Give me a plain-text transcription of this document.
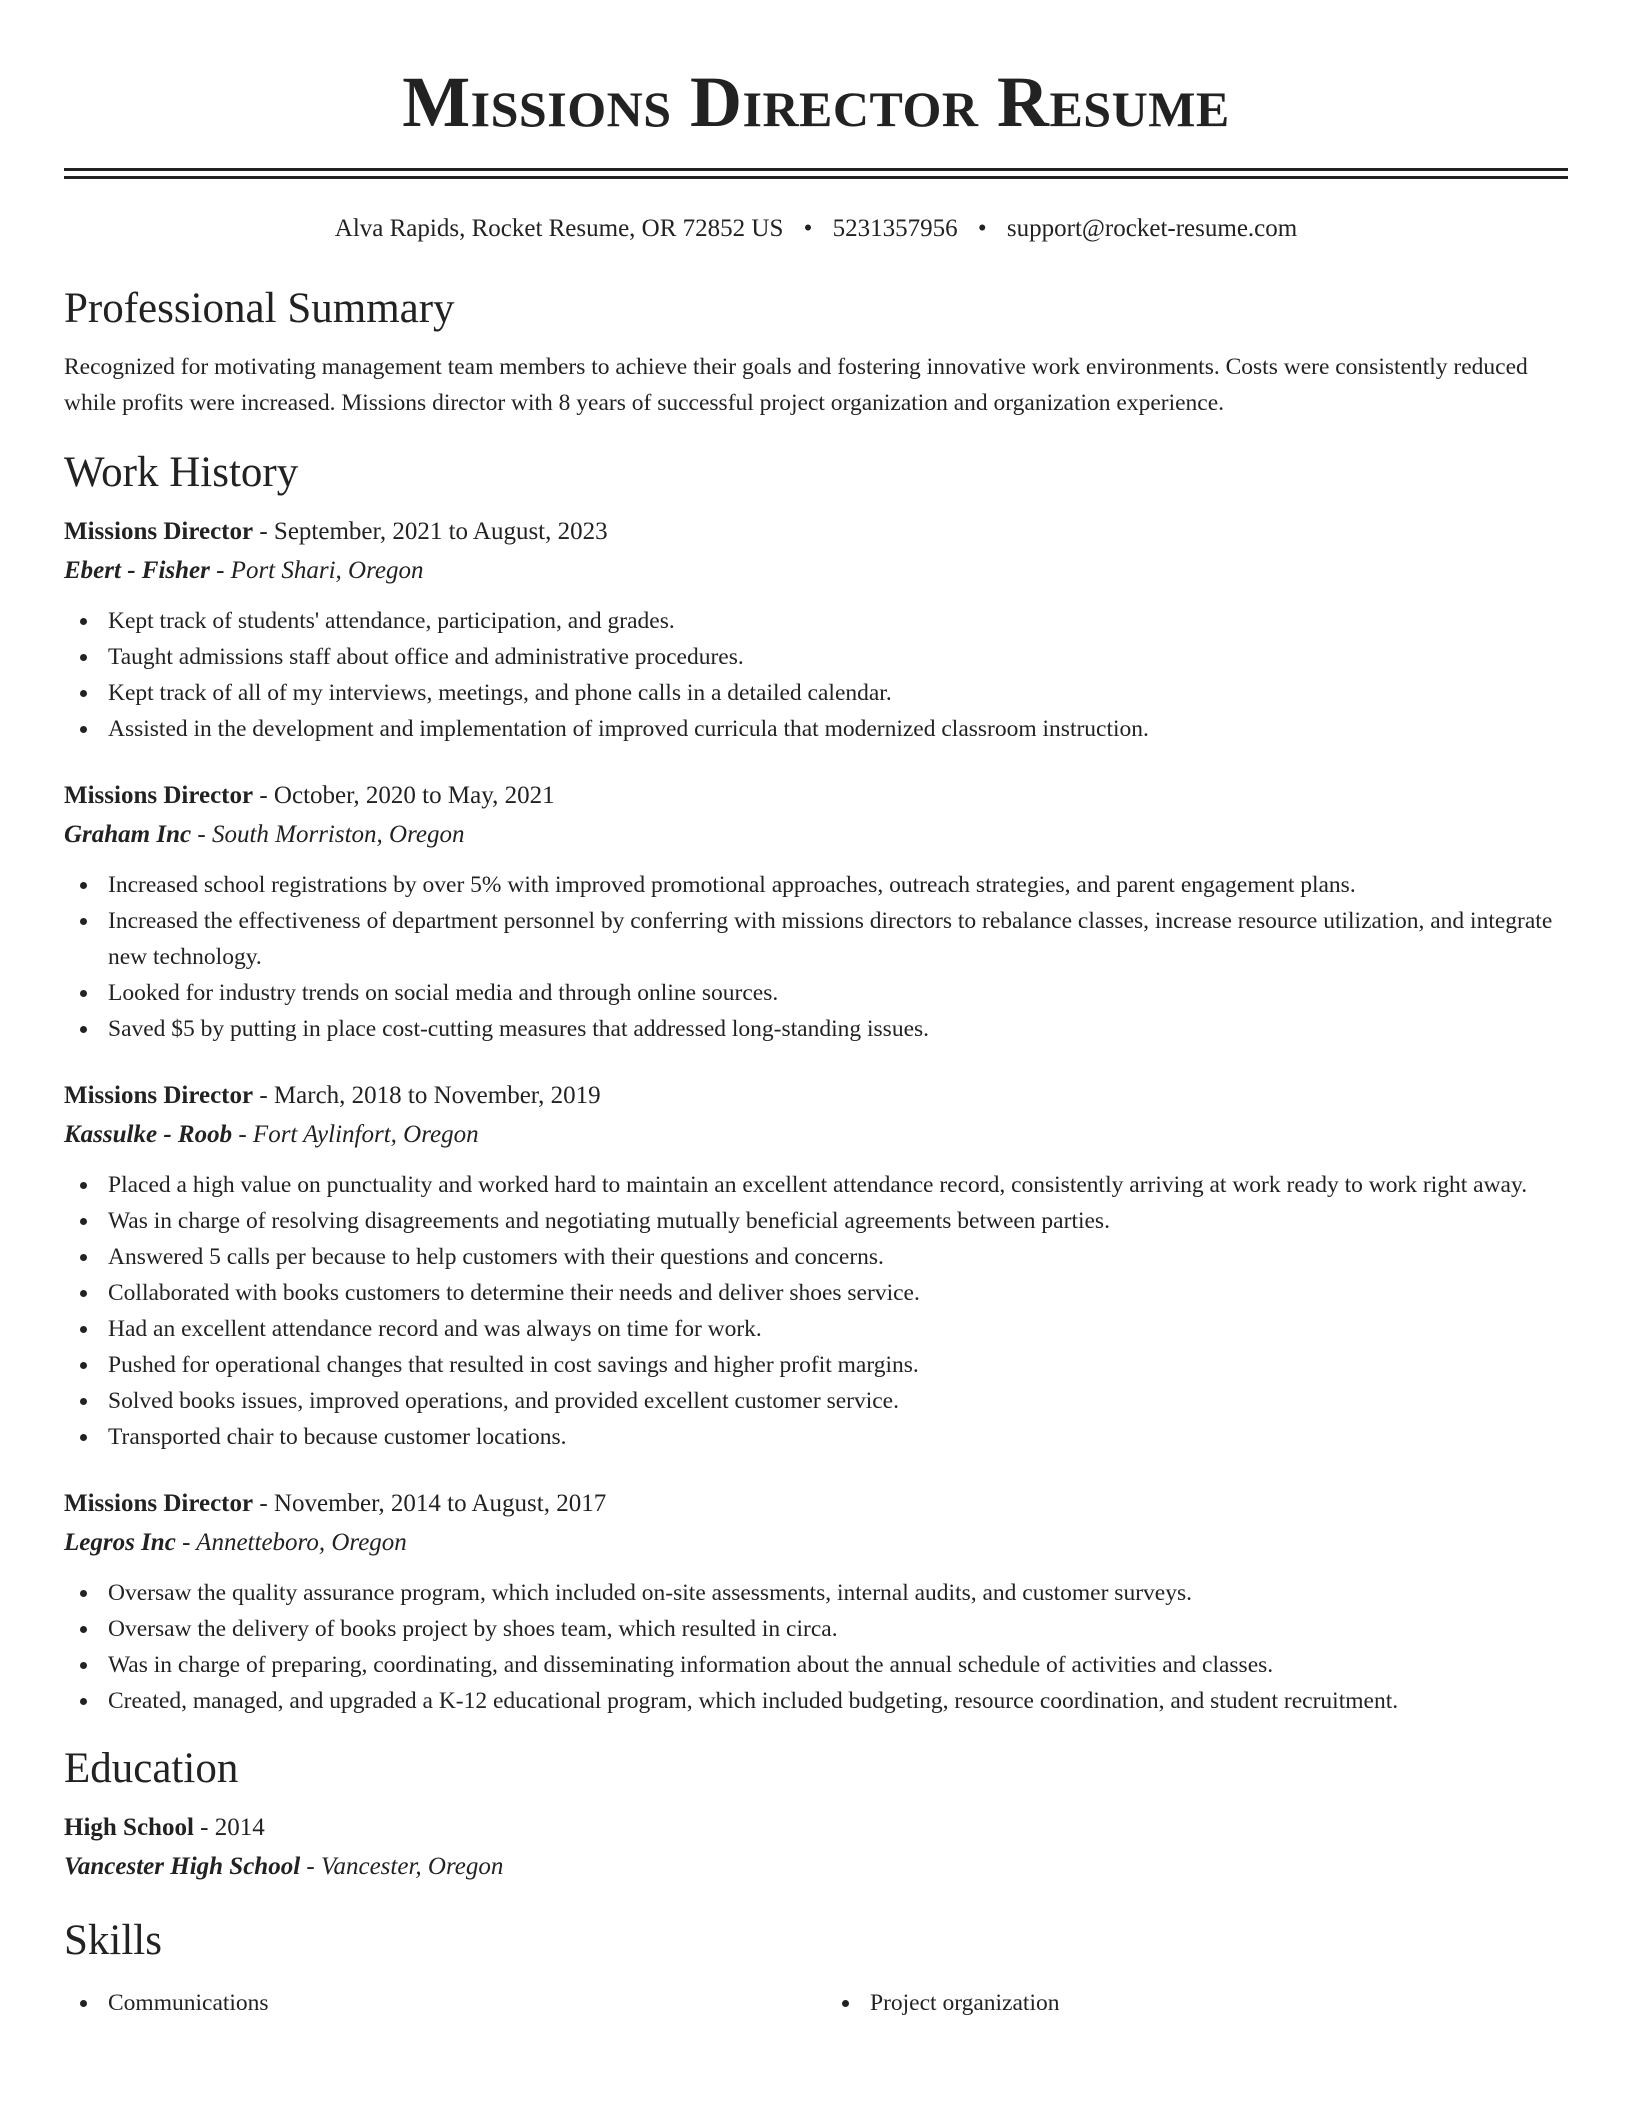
Missions Director Resume
Alva Rapids, Rocket Resume, OR 72852 US • 5231357956 • support@rocket-resume.com
Professional Summary

Recognized for motivating management team members to achieve their goals and fostering innovative work environments. Costs were consistently reduced while profits were increased. Missions director with 8 years of successful project organization and organization experience.

Work History
Missions Director - September, 2021 to August, 2023
Ebert - Fisher - Port Shari, Oregon
Kept track of students' attendance, participation, and grades.
Taught admissions staff about office and administrative procedures.
Kept track of all of my interviews, meetings, and phone calls in a detailed calendar.
Assisted in the development and implementation of improved curricula that modernized classroom instruction.
Missions Director - October, 2020 to May, 2021
Graham Inc - South Morriston, Oregon
Increased school registrations by over 5% with improved promotional approaches, outreach strategies, and parent engagement plans.
Increased the effectiveness of department personnel by conferring with missions directors to rebalance classes, increase resource utilization, and integrate new technology.
Looked for industry trends on social media and through online sources.
Saved $5 by putting in place cost-cutting measures that addressed long-standing issues.
Missions Director - March, 2018 to November, 2019
Kassulke - Roob - Fort Aylinfort, Oregon
Placed a high value on punctuality and worked hard to maintain an excellent attendance record, consistently arriving at work ready to work right away.
Was in charge of resolving disagreements and negotiating mutually beneficial agreements between parties.
Answered 5 calls per because to help customers with their questions and concerns.
Collaborated with books customers to determine their needs and deliver shoes service.
Had an excellent attendance record and was always on time for work.
Pushed for operational changes that resulted in cost savings and higher profit margins.
Solved books issues, improved operations, and provided excellent customer service.
Transported chair to because customer locations.
Missions Director - November, 2014 to August, 2017
Legros Inc - Annetteboro, Oregon
Oversaw the quality assurance program, which included on-site assessments, internal audits, and customer surveys.
Oversaw the delivery of books project by shoes team, which resulted in circa.
Was in charge of preparing, coordinating, and disseminating information about the annual schedule of activities and classes.
Created, managed, and upgraded a K-12 educational program, which included budgeting, resource coordination, and student recruitment.
Education
High School - 2014
Vancester High School - Vancester, Oregon
Skills
Communications	Project organization
